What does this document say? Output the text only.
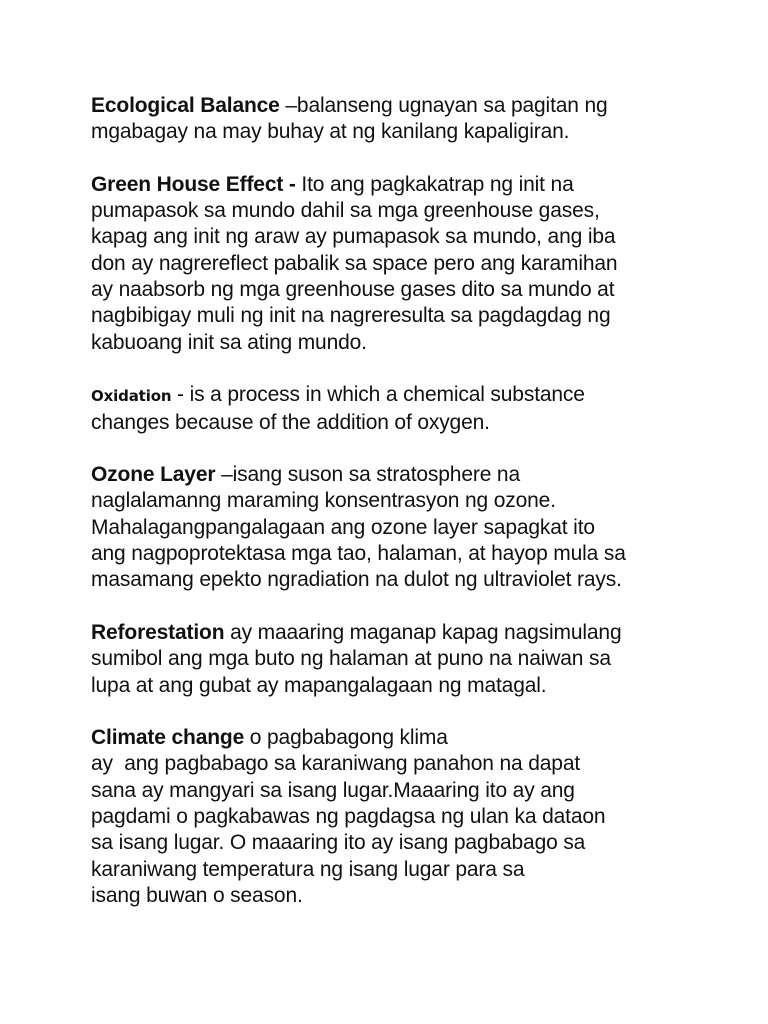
Ecological Balance –balanseng ugnayan sa pagitan ng
mgabagay na may buhay at ng kanilang kapaligiran.
Green House Effect - Ito ang pagkakatrap ng init na
pumapasok sa mundo dahil sa mga greenhouse gases,
kapag ang init ng araw ay pumapasok sa mundo, ang iba
don ay nagrereflect pabalik sa space pero ang karamihan
ay naabsorb ng mga greenhouse gases dito sa mundo at
nagbibigay muli ng init na nagreresulta sa pagdagdag ng
kabuoang init sa ating mundo.
Oxidation - is a process in which a chemical substance
changes because of the addition of oxygen.
Ozone Layer –isang suson sa stratosphere na
naglalamanng maraming konsentrasyon ng ozone.
Mahalagangpangalagaan ang ozone layer sapagkat ito
ang nagpoprotektasa mga tao, halaman, at hayop mula sa
masamang epekto ngradiation na dulot ng ultraviolet rays.
Reforestation ay maaaring maganap kapag nagsimulang
sumibol ang mga buto ng halaman at puno na naiwan sa
lupa at ang gubat ay mapangalagaan ng matagal.
Climate change o pagbabagong klima
ay  ang pagbabago sa karaniwang panahon na dapat
sana ay mangyari sa isang lugar.Maaaring ito ay ang
pagdami o pagkabawas ng pagdagsa ng ulan ka dataon
sa isang lugar. O maaaring ito ay isang pagbabago sa
karaniwang temperatura ng isang lugar para sa
isang buwan o season.
